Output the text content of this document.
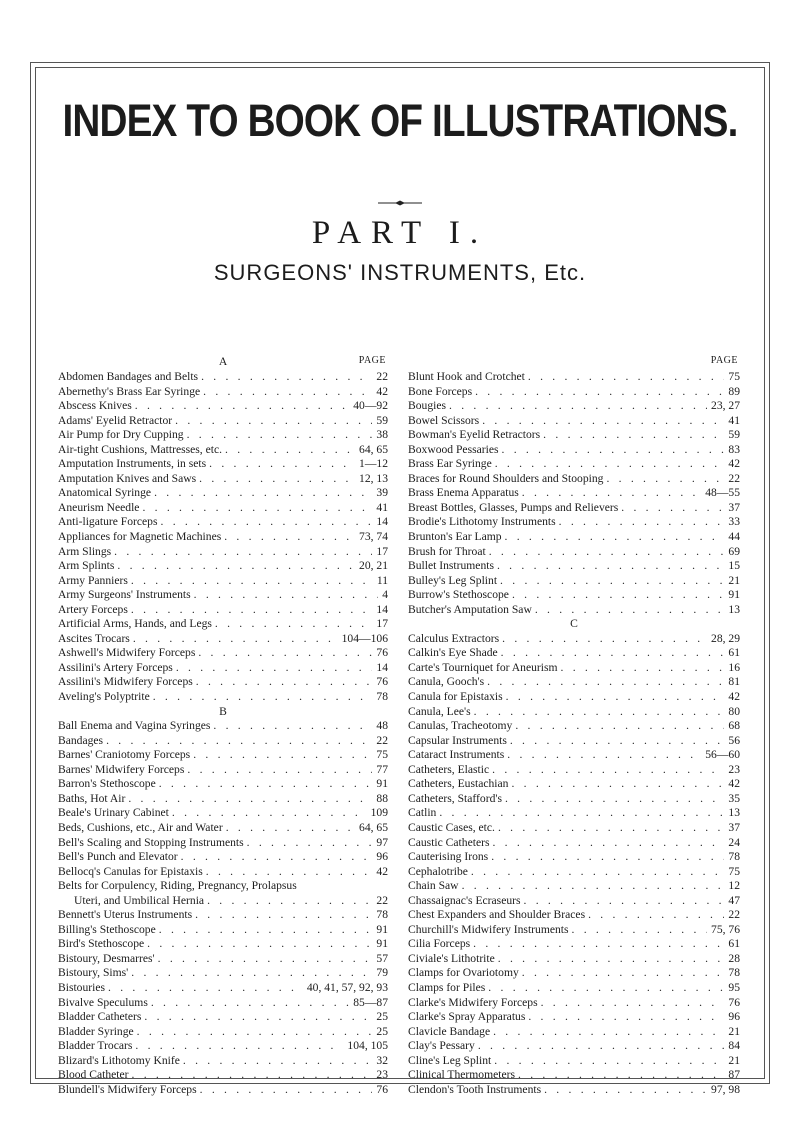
INDEX TO BOOK OF ILLUSTRATIONS.
PART I.
SURGEONS' INSTRUMENTS, Etc.
A	PAGE
Abdomen Bandages and Belts . . .	22
Abernethy's Brass Ear Syringe . . .	42
Abscess Knives . . .	40—92
Adams' Eyelid Retractor . . .	59
Air Pump for Dry Cupping . . .	38
Air-tight Cushions, Mattresses, etc. . . .	64, 65
Amputation Instruments, in sets . . .	1—12
Amputation Knives and Saws . . .	12, 13
Anatomical Syringe . . .	39
Aneurism Needle . . .	41
Anti-ligature Forceps . . .	14
Appliances for Magnetic Machines . . .	73, 74
Arm Slings . . .	17
Arm Splints . . .	20, 21
Army Panniers . . .	11
Army Surgeons' Instruments . . .	4
Artery Forceps . . .	14
Artificial Arms, Hands, and Legs . . .	17
Ascites Trocars . . .	104—106
Ashwell's Midwifery Forceps . . .	76
Assilini's Artery Forceps . . .	14
Assilini's Midwifery Forceps . . .	76
Aveling's Polyptrite . . .	78
B
Ball Enema and Vagina Syringes . . .	48
Bandages . . .	22
Barnes' Craniotomy Forceps . . .	75
Barnes' Midwifery Forceps . . .	77
Barron's Stethoscope . . .	91
Baths, Hot Air . . .	88
Beale's Urinary Cabinet . . .	109
Beds, Cushions, etc., Air and Water . . .	64, 65
Bell's Scaling and Stopping Instruments . . .	97
Bell's Punch and Elevator . . .	96
Bellocq's Canulas for Epistaxis . . .	42
Belts for Corpulency, Riding, Pregnancy, Prolapsus
Uteri, and Umbilical Hernia . . .	22
Bennett's Uterus Instruments . . .	78
Billing's Stethoscope . . .	91
Bird's Stethoscope . . .	91
Bistoury, Desmarres' . . .	57
Bistoury, Sims' . . .	79
Bistouries . . .	40, 41, 57, 92, 93
Bivalve Speculums . . .	85—87
Bladder Catheters . . .	25
Bladder Syringe . . .	25
Bladder Trocars . . .	104, 105
Blizard's Lithotomy Knife . . .	32
Blood Catheter . . .	23
Blundell's Midwifery Forceps . . .	76
PAGE
Blunt Hook and Crotchet . . .	75
Bone Forceps . . .	89
Bougies . . .	23, 27
Bowel Scissors . . .	41
Bowman's Eyelid Retractors . . .	59
Boxwood Pessaries . . .	83
Brass Ear Syringe . . .	42
Braces for Round Shoulders and Stooping . . .	22
Brass Enema Apparatus . . .	48—55
Breast Bottles, Glasses, Pumps and Relievers . . .	37
Brodie's Lithotomy Instruments . . .	33
Brunton's Ear Lamp . . .	44
Brush for Throat . . .	69
Bullet Instruments . . .	15
Bulley's Leg Splint . . .	21
Burrow's Stethoscope . . .	91
Butcher's Amputation Saw . . .	13
C
Calculus Extractors . . .	28, 29
Calkin's Eye Shade . . .	61
Carte's Tourniquet for Aneurism . . .	16
Canula, Gooch's . . .	81
Canula for Epistaxis . . .	42
Canula, Lee's . . .	80
Canulas, Tracheotomy . . .	68
Capsular Instruments . . .	56
Cataract Instruments . . .	56—60
Catheters, Elastic . . .	23
Catheters, Eustachian . . .	42
Catheters, Stafford's . . .	35
Catlin . . .	13
Caustic Cases, etc. . . .	37
Caustic Catheters . . .	24
Cauterising Irons . . .	78
Cephalotribe . . .	75
Chain Saw . . .	12
Chassaignac's Ecraseurs . . .	47
Chest Expanders and Shoulder Braces . . .	22
Churchill's Midwifery Instruments . . .	75, 76
Cilia Forceps . . .	61
Civiale's Lithotrite . . .	28
Clamps for Ovariotomy . . .	78
Clamps for Piles . . .	95
Clarke's Midwifery Forceps . . .	76
Clarke's Spray Apparatus . . .	96
Clavicle Bandage . . .	21
Clay's Pessary . . .	84
Cline's Leg Splint . . .	21
Clinical Thermometers . . .	87
Clendon's Tooth Instruments . . .	97, 98
